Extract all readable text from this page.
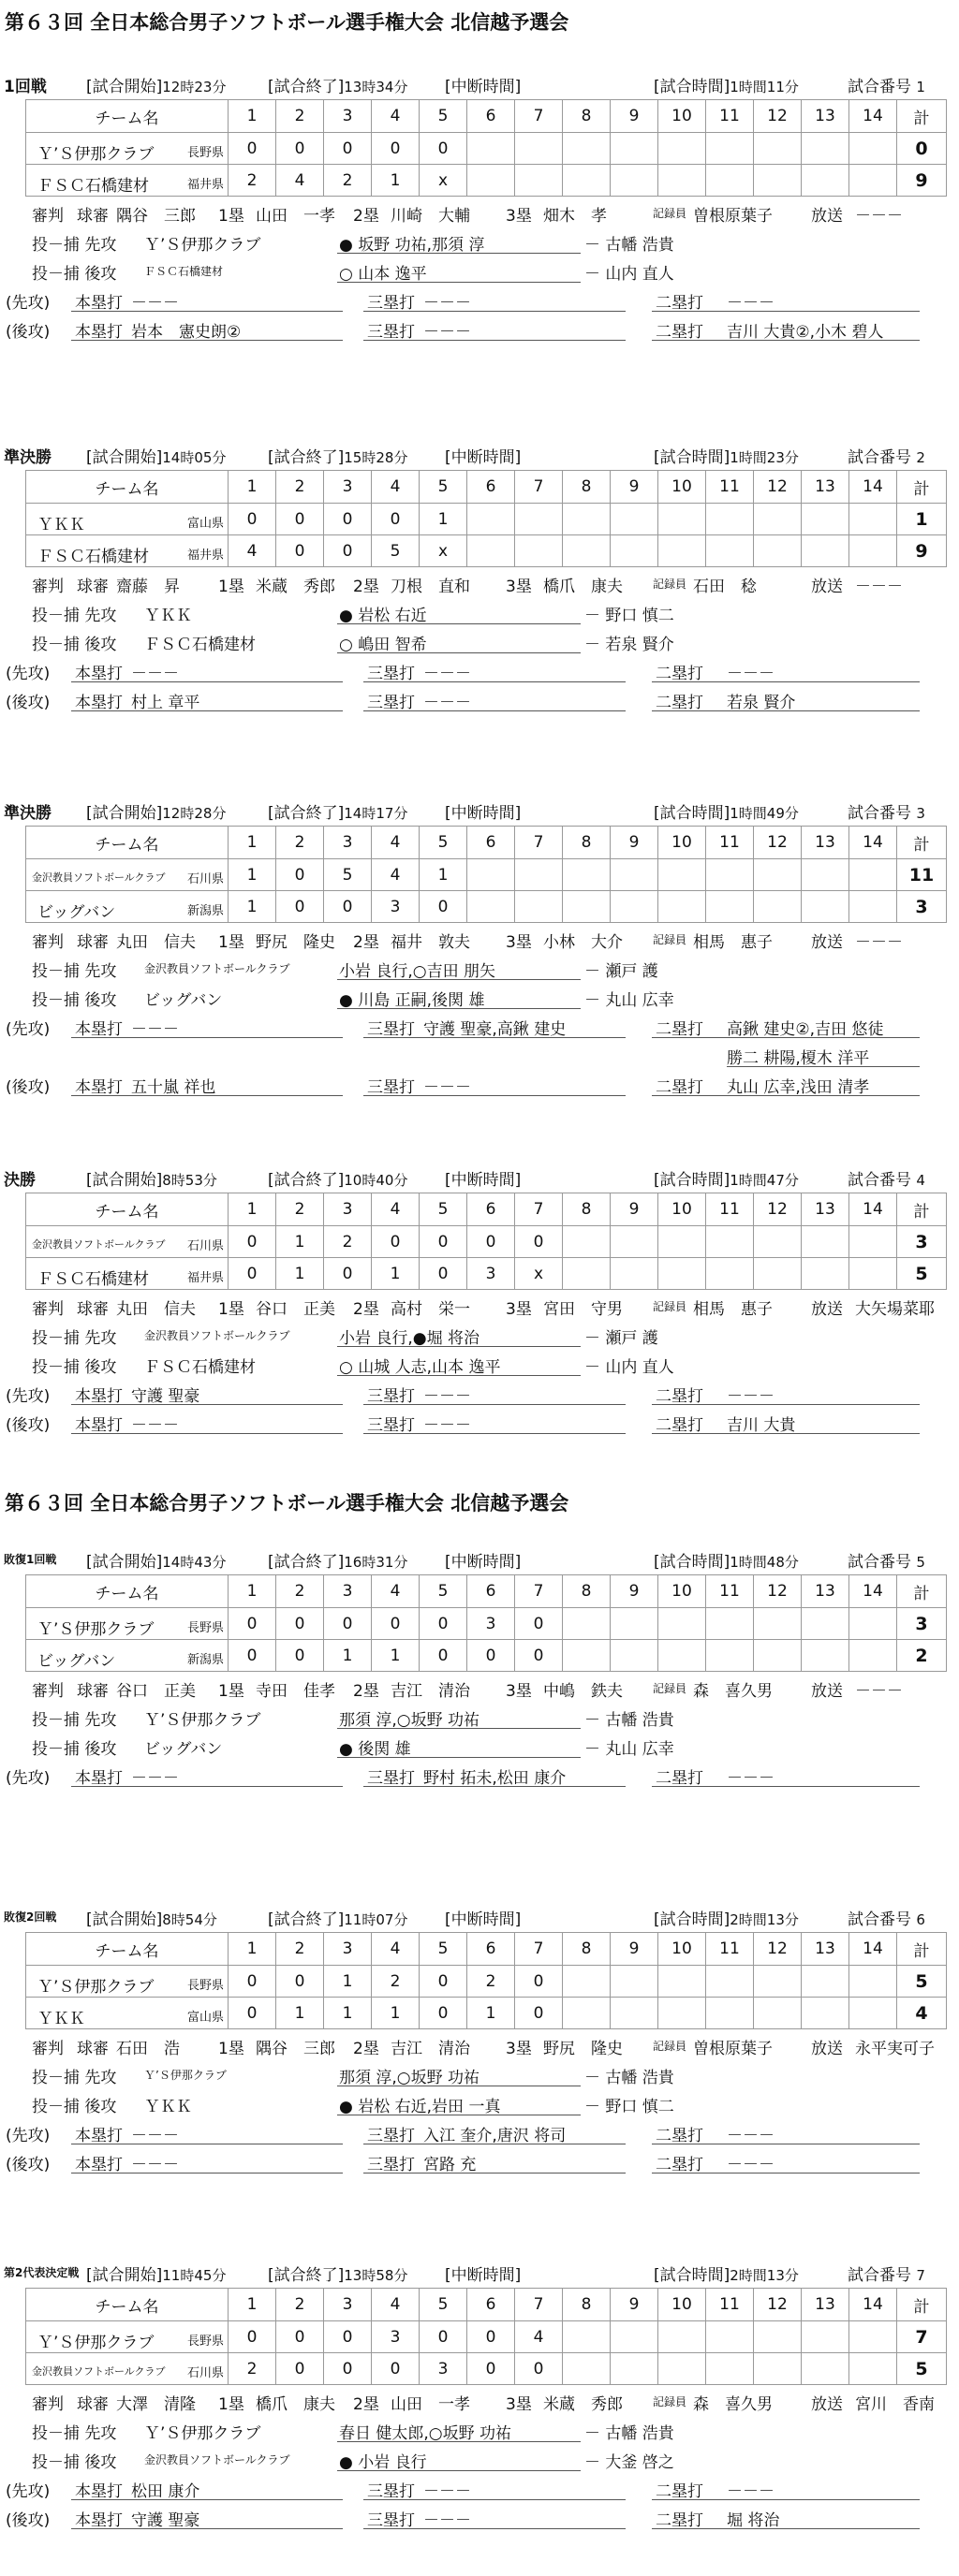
第６３回 全日本総合男子ソフトボール選手権大会 北信越予選会
第６３回 全日本総合男子ソフトボール選手権大会 北信越予選会
1回戦 [試合開始]12時23分	[試合終了]13時34分 [中断時間]	[試合時間]1時間11分	試合番号 1
チーム名	1	2	3	4	5	6	7	8	9	10	11	12	13	14	計

Ｙ’Ｓ伊那クラブ 長野県	0	0	0	0	0										0

ＦＳＣ石橋建材 福井県	2	4	2	1	x										9
審判 球審 隅谷　三郎 1塁 山田　一孝 2塁 川崎　大輔 3塁 畑木　孝	記録員 曽根原葉子 放送 －－－
投－捕 先攻 Ｙ’Ｓ伊那クラブ	● 坂野 功祐,那須 淳	－ 古幡 浩貴
投－捕 後攻 ＦＳＣ石橋建材	○ 山本 逸平	－ 山内 直人
(先攻) 本塁打 －－－	三塁打 －－－	二塁打 －－－
(後攻) 本塁打 岩本　憲史朗②	三塁打 －－－	二塁打 吉川 大貴②,小木 碧人
準決勝 [試合開始]14時05分	[試合終了]15時28分 [中断時間]	[試合時間]1時間23分	試合番号 2
チーム名	1	2	3	4	5	6	7	8	9	10	11	12	13	14	計

ＹＫＫ 富山県	0	0	0	0	1										1

ＦＳＣ石橋建材 福井県	4	0	0	5	x										9
審判 球審 齋藤　昇 1塁 米蔵　秀郎 2塁 刀根　直和 3塁 橋爪　康夫	記録員 石田　稔	放送 －－－
投－捕 先攻 ＹＫＫ	● 岩松 右近	－ 野口 慎二
投－捕 後攻 ＦＳＣ石橋建材	○ 嶋田 智希	－ 若泉 賢介
(先攻) 本塁打 －－－	三塁打 －－－	二塁打 －－－
(後攻) 本塁打 村上 章平	三塁打 －－－	二塁打 若泉 賢介
準決勝 [試合開始]12時28分	[試合終了]14時17分 [中断時間]	[試合時間]1時間49分	試合番号 3
チーム名	1	2	3	4	5	6	7	8	9	10	11	12	13	14	計

金沢教員ソフトボールクラブ 石川県	1	0	5	4	1										11

ビッグバン 新潟県	1	0	0	3	0										3
審判 球審 丸田　信夫 1塁 野尻　隆史 2塁 福井　敦夫 3塁 小林　大介	記録員 相馬　惠子 放送 －－－
投－捕 先攻 金沢教員ソフトボールクラブ	小岩 良行,○吉田 朋矢	－ 瀬戸 護
投－捕 後攻 ビッグバン	● 川島 正嗣,後関 雄	－ 丸山 広幸
(先攻) 本塁打 －－－	三塁打 守護 聖豪,高鍬 建史	二塁打 高鍬 建史②,吉田 悠徒
勝二 耕陽,榎木 洋平
(後攻) 本塁打 五十嵐 祥也	三塁打 －－－	二塁打 丸山 広幸,浅田 清孝
決勝	[試合開始]8時53分	[試合終了]10時40分 [中断時間]	[試合時間]1時間47分	試合番号 4
チーム名	1	2	3	4	5	6	7	8	9	10	11	12	13	14	計

金沢教員ソフトボールクラブ 石川県	0	1	2	0	0	0	0								3

ＦＳＣ石橋建材 福井県	0	1	0	1	0	3	x								5
審判 球審 丸田　信夫 1塁 谷口　正美 2塁 高村　栄一 3塁 宮田　守男	記録員 相馬　惠子 放送 大矢場菜耶
投－捕 先攻 金沢教員ソフトボールクラブ	小岩 良行,●堀 将治	－ 瀬戸 護
投－捕 後攻 ＦＳＣ石橋建材	○ 山城 人志,山本 逸平	－ 山内 直人
(先攻) 本塁打 守護 聖豪	三塁打 －－－	二塁打 －－－
(後攻) 本塁打 －－－	三塁打 －－－	二塁打 吉川 大貴
敗復1回戦 [試合開始]14時43分	[試合終了]16時31分 [中断時間]	[試合時間]1時間48分	試合番号 5
チーム名	1	2	3	4	5	6	7	8	9	10	11	12	13	14	計

Ｙ’Ｓ伊那クラブ 長野県	0	0	0	0	0	3	0								3

ビッグバン 新潟県	0	0	1	1	0	0	0								2
審判 球審 谷口　正美 1塁 寺田　佳孝 2塁 吉江　清治 3塁 中嶋　鉄夫	記録員 森　喜久男 放送 －－－
投－捕 先攻 Ｙ’Ｓ伊那クラブ	那須 淳,○坂野 功祐	－ 古幡 浩貴
投－捕 後攻 ビッグバン	● 後関 雄	－ 丸山 広幸
(先攻) 本塁打 －－－	三塁打 野村 拓未,松田 康介	二塁打 －－－
敗復2回戦 [試合開始]8時54分	[試合終了]11時07分 [中断時間]	[試合時間]2時間13分	試合番号 6
チーム名	1	2	3	4	5	6	7	8	9	10	11	12	13	14	計

Ｙ’Ｓ伊那クラブ 長野県	0	0	1	2	0	2	0								5

ＹＫＫ 富山県	0	1	1	1	0	1	0								4
審判 球審 石田　浩 1塁 隅谷　三郎 2塁 吉江　清治 3塁 野尻　隆史	記録員 曽根原葉子 放送 永平実可子
投－捕 先攻 Ｙ’Ｓ伊那クラブ	那須 淳,○坂野 功祐	－ 古幡 浩貴
投－捕 後攻 ＹＫＫ	● 岩松 右近,岩田 一真	－ 野口 慎二
(先攻) 本塁打 －－－	三塁打 入江 奎介,唐沢 将司	二塁打 －－－
(後攻) 本塁打 －－－	三塁打 宮路 充	二塁打 －－－
第2代表決定戦 [試合開始]11時45分	[試合終了]13時58分 [中断時間]	[試合時間]2時間13分	試合番号 7
チーム名	1	2	3	4	5	6	7	8	9	10	11	12	13	14	計

Ｙ’Ｓ伊那クラブ 長野県	0	0	0	3	0	0	4								7

金沢教員ソフトボールクラブ 石川県	2	0	0	0	3	0	0								5
審判 球審 大澤　清隆 1塁 橋爪　康夫 2塁 山田　一孝 3塁 米蔵　秀郎	記録員 森　喜久男 放送 宮川　香南
投－捕 先攻 Ｙ’Ｓ伊那クラブ	春日 健太郎,○坂野 功祐	－ 古幡 浩貴
投－捕 後攻 金沢教員ソフトボールクラブ	● 小岩 良行	－ 大釜 啓之
(先攻) 本塁打 松田 康介	三塁打 －－－	二塁打 －－－
(後攻) 本塁打 守護 聖豪	三塁打 －－－	二塁打 堀 将治
